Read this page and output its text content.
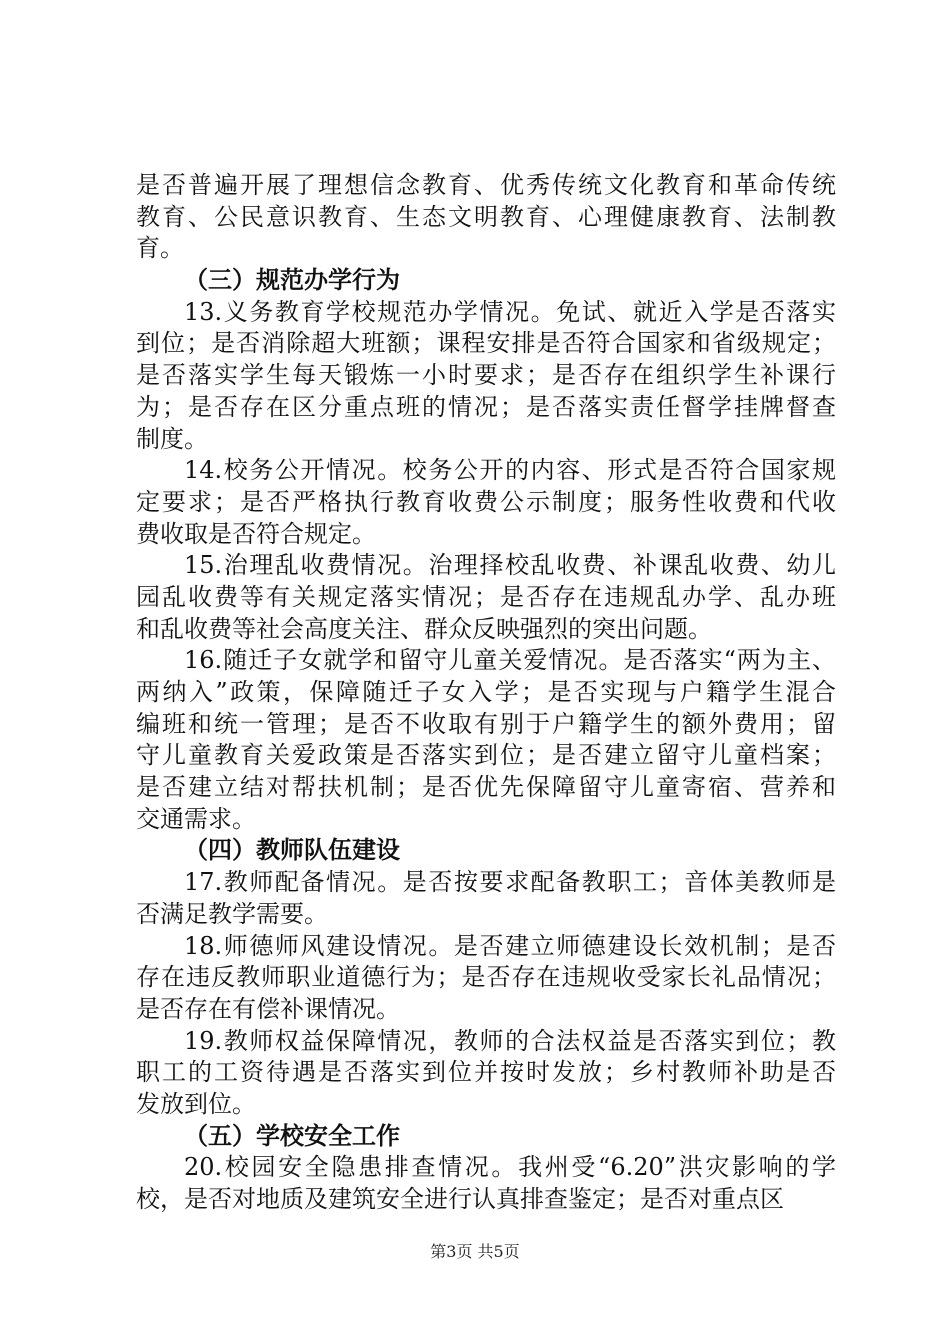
是否普遍开展了理想信念教育、优秀传统文化教育和革命传统
教育、公民意识教育、生态文明教育、心理健康教育、法制教
育。
（三）规范办学行为
13.义务教育学校规范办学情况。免试、就近入学是否落实
到位；是否消除超大班额；课程安排是否符合国家和省级规定；
是否落实学生每天锻炼一小时要求；是否存在组织学生补课行
为；是否存在区分重点班的情况；是否落实责任督学挂牌督查
制度。
14.校务公开情况。校务公开的内容、形式是否符合国家规
定要求；是否严格执行教育收费公示制度；服务性收费和代收
费收取是否符合规定。
15.治理乱收费情况。治理择校乱收费、补课乱收费、幼儿
园乱收费等有关规定落实情况；是否存在违规乱办学、乱办班
和乱收费等社会高度关注、群众反映强烈的突出问题。
16.随迁子女就学和留守儿童关爱情况。是否落实“两为主、
两纳入”政策，保障随迁子女入学；是否实现与户籍学生混合
编班和统一管理；是否不收取有别于户籍学生的额外费用；留
守儿童教育关爱政策是否落实到位；是否建立留守儿童档案；
是否建立结对帮扶机制；是否优先保障留守儿童寄宿、营养和
交通需求。
（四）教师队伍建设
17.教师配备情况。是否按要求配备教职工；音体美教师是
否满足教学需要。
18.师德师风建设情况。是否建立师德建设长效机制；是否
存在违反教师职业道德行为；是否存在违规收受家长礼品情况；
是否存在有偿补课情况。
19.教师权益保障情况，教师的合法权益是否落实到位；教
职工的工资待遇是否落实到位并按时发放；乡村教师补助是否
发放到位。
（五）学校安全工作
20.校园安全隐患排查情况。我州受“6.20”洪灾影响的学
校，是否对地质及建筑安全进行认真排查鉴定；是否对重点区
第3页 共5页
